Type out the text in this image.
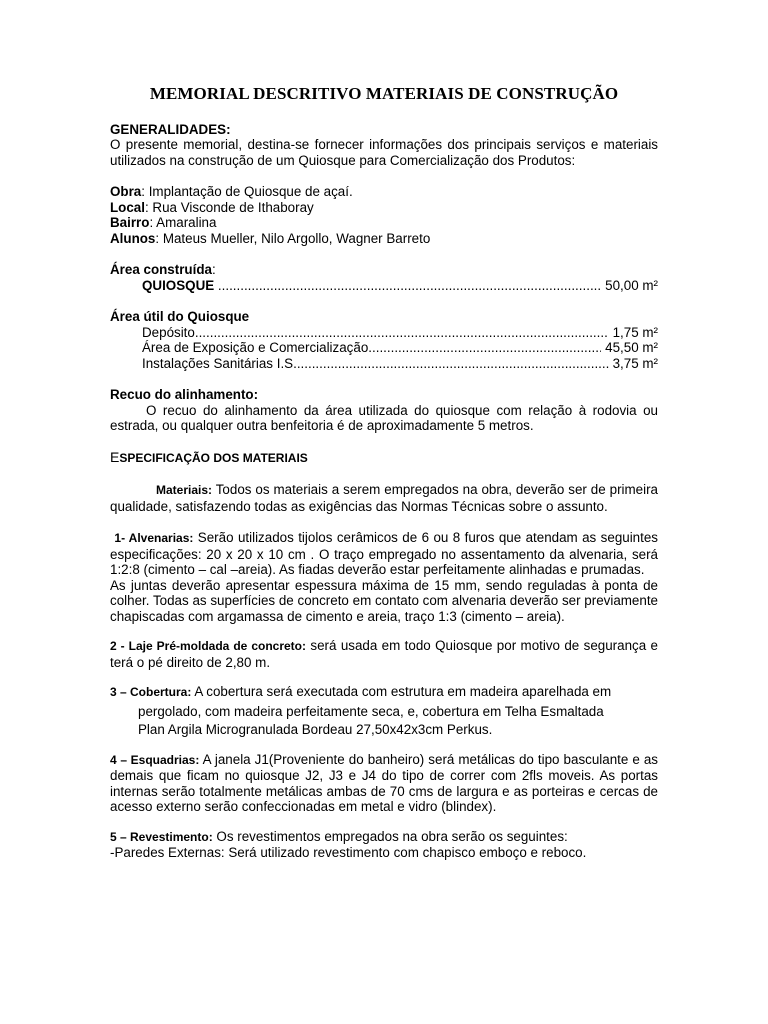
MEMORIAL DESCRITIVO MATERIAIS DE CONSTRUÇÃO

GENERALIDADES:

O presente memorial, destina-se fornecer informações dos principais serviços e materiais utilizados na construção de um Quiosque para Comercialização dos Produtos:

Obra: Implantação de Quiosque de açaí.

Local: Rua Visconde de Ithaboray

Bairro: Amaralina

Alunos: Mateus Mueller, Nilo Argollo, Wagner Barreto

Área construída:

QUIOSQUE  .....	50,00 m²

Área útil do Quiosque

Depósito .....	1,75 m²
Área de Exposição e Comercialização .....	45,50 m²
Instalações Sanitárias I.S .....	3,75 m²

Recuo do alinhamento:

O recuo do alinhamento da área utilizada do quiosque com relação à rodovia ou estrada, ou qualquer outra benfeitoria é de aproximadamente 5 metros.

ESPECIFICAÇÃO DOS MATERIAIS

Materiais: Todos os materiais a serem empregados na obra, deverão ser de primeira qualidade, satisfazendo todas as exigências das Normas Técnicas sobre o assunto.

1- Alvenarias: Serão utilizados tijolos cerâmicos de 6 ou 8 furos que atendam as seguintes especificações: 20 x 20 x 10 cm . O traço empregado no assentamento da alvenaria, será 1:2:8 (cimento – cal –areia). As fiadas deverão estar perfeitamente alinhadas e prumadas.

As juntas deverão apresentar espessura máxima de 15 mm, sendo reguladas à ponta de colher. Todas as superfícies de concreto em contato com alvenaria deverão ser previamente chapiscadas com argamassa de cimento e areia, traço 1:3 (cimento – areia).

2 - Laje Pré-moldada de concreto: será usada em todo Quiosque por motivo de segurança e terá o pé direito de 2,80 m.

3 – Cobertura: A cobertura será executada com estrutura em madeira aparelhada em

pergolado, com madeira perfeitamente seca, e, cobertura em Telha Esmaltada

Plan Argila Microgranulada Bordeau 27,50x42x3cm Perkus.

4 – Esquadrias: A janela J1(Proveniente do banheiro) será metálicas do tipo basculante e as demais que ficam no quiosque J2, J3 e J4 do tipo de correr com 2fls moveis. As portas internas serão totalmente metálicas ambas de 70 cms de largura e as porteiras e cercas de acesso externo serão confeccionadas em metal e vidro (blindex).

5 – Revestimento: Os revestimentos empregados na obra serão os seguintes:

-Paredes Externas: Será utilizado revestimento com chapisco emboço e reboco.
